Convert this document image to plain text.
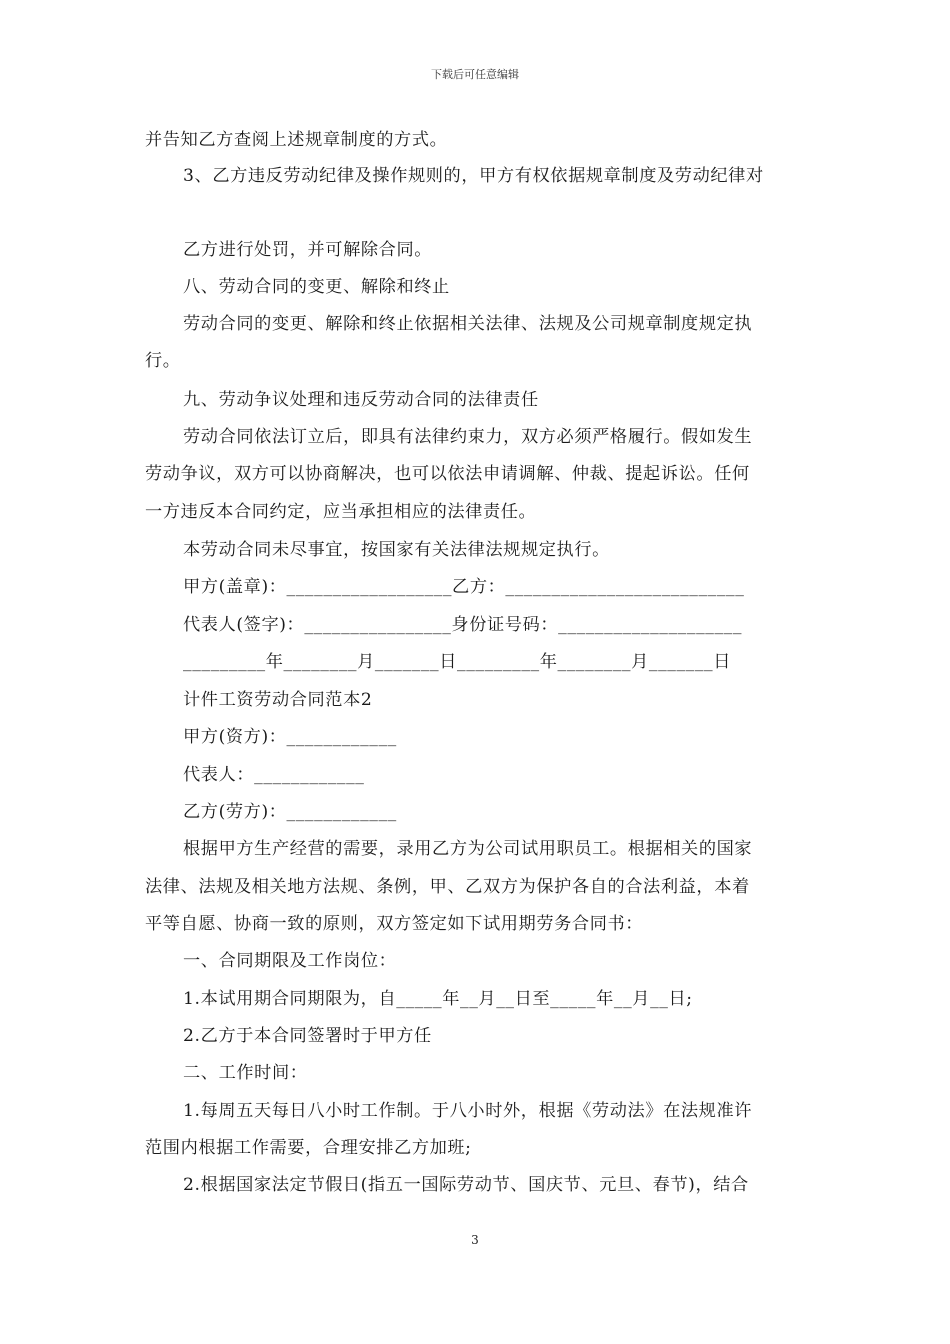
下载后可任意编辑
并告知乙方查阅上述规章制度的方式。
3、乙方违反劳动纪律及操作规则的，甲方有权依据规章制度及劳动纪律对
乙方进行处罚，并可解除合同。
八、劳动合同的变更、解除和终止
劳动合同的变更、解除和终止依据相关法律、法规及公司规章制度规定执
行。
九、劳动争议处理和违反劳动合同的法律责任
劳动合同依法订立后，即具有法律约束力，双方必须严格履行。假如发生
劳动争议，双方可以协商解决，也可以依法申请调解、仲裁、提起诉讼。任何
一方违反本合同约定，应当承担相应的法律责任。
本劳动合同未尽事宜，按国家有关法律法规规定执行。
甲方(盖章)：__________________乙方：__________________________
代表人(签字)：________________身份证号码：____________________
_________年________月_______日_________年________月_______日
计件工资劳动合同范本2
甲方(资方)：____________
代表人：____________
乙方(劳方)：____________
根据甲方生产经营的需要，录用乙方为公司试用职员工。根据相关的国家
法律、法规及相关地方法规、条例，甲、乙双方为保护各自的合法利益，本着
平等自愿、协商一致的原则，双方签定如下试用期劳务合同书：
一、合同期限及工作岗位：
1.本试用期合同期限为，自_____年__月__日至_____年__月__日;
2.乙方于本合同签署时于甲方任
二、工作时间：
1.每周五天每日八小时工作制。于八小时外，根据《劳动法》在法规准许
范围内根据工作需要，合理安排乙方加班;
2.根据国家法定节假日(指五一国际劳动节、国庆节、元旦、春节)，结合
3
